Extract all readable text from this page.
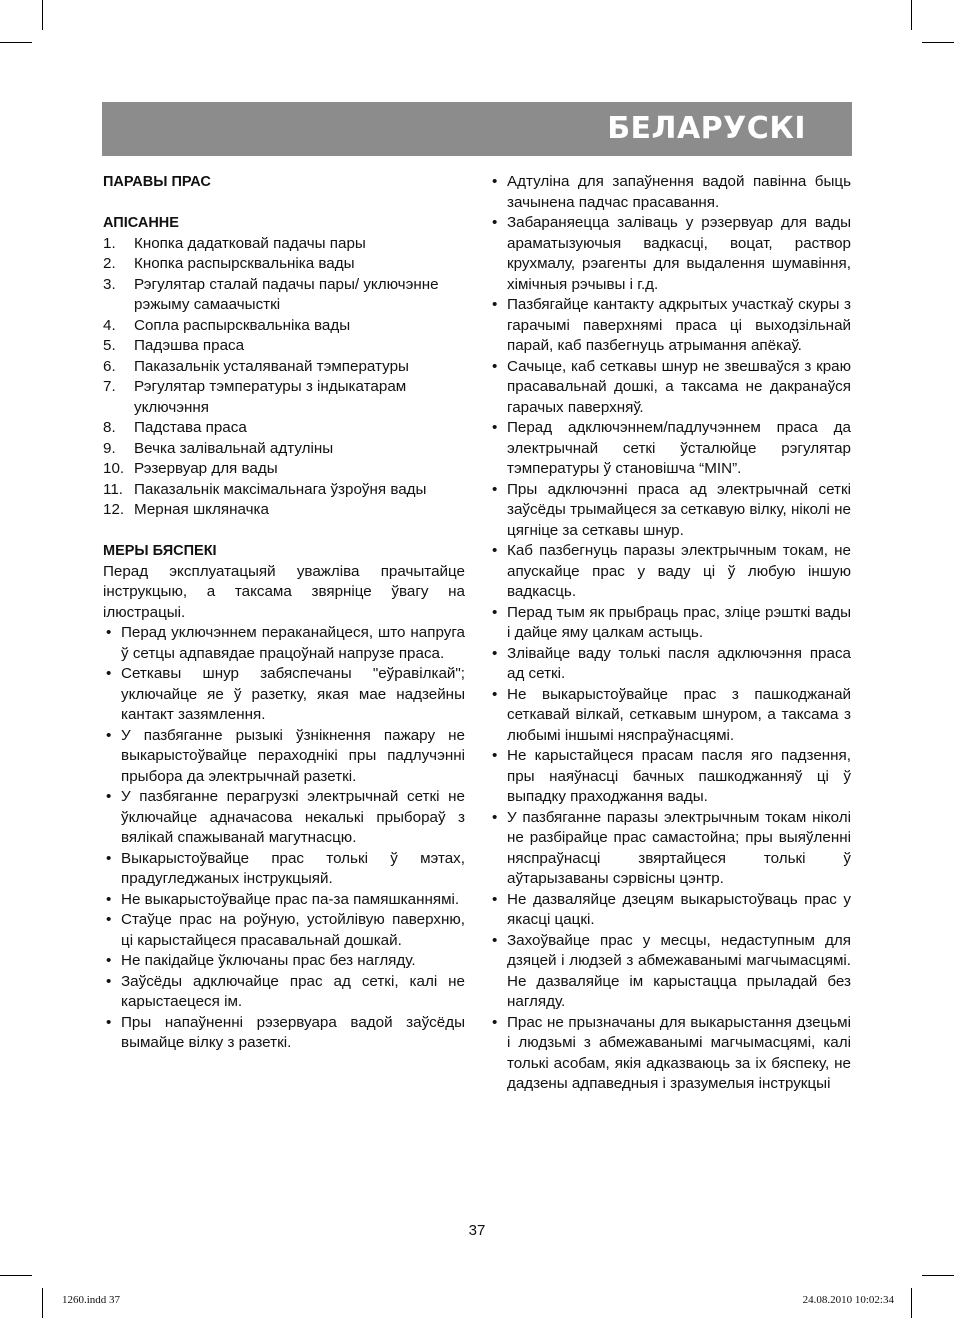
БЕЛАРУСКІ
ПАРАВЫ ПРАС
АПІСАННЕ
1.	Кнопка дадатковай падачы пары
2.	Кнопка распырсквальніка вады
3.	Рэгулятар сталай падачы пары/ уключэнне рэжыму самаачысткі
4.	Сопла распырсквальніка вады
5.	Падэшва праса
6.	Паказальнік усталяванай тэмпературы
7.	Рэгулятар тэмпературы з індыкатарам уключэння
8.	Падстава праса
9.	Вечка залівальнай адтуліны
10. Рэзервуар для вады
11. Паказальнік максімальнага ўзроўня вады
12. Мерная шкляначка
МЕРЫ БЯСПЕКІ
Перад эксплуатацыяй уважліва прачытайце інструкцыю, а таксама звярніце ўвагу на ілюстрацыі.
• Перад уключэннем пераканайцеся, што напруга ў сетцы адпавядае працоўнай напрузе праса.
• Сеткавы шнур забяспечаны "еўравілкай"; уключайце яе ў разетку, якая мае надзейны кантакт зазямлення.
• У пазбяганне рызыкі ўзнікнення пажару не выкарыстоўвайце пераходнікі пры падлучэнні прыбора да электрычнай разеткі.
• У пазбяганне перагрузкі электрычнай сеткі не ўключайце адначасова некалькі прыбораў з вялікай спажыванай магутнасцю.
• Выкарыстоўвайце прас толькі ў мэтах, прадугледжаных інструкцыяй.
• Не выкарыстоўвайце прас па-за памяшканнямі.
• Стаўце прас на роўную, устойлівую паверхню, ці карыстайцеся прасавальнай дошкай.
• Не пакідайце ўключаны прас без нагляду.
• Заўсёды адключайце прас ад сеткі, калі не карыстаецеся ім.
• Пры напаўненні рэзервуара вадой заўсёды вымайце вілку з разеткі.
• Адтуліна для запаўнення вадой павінна быць зачынена падчас прасавання.
• Забараняецца заліваць у рэзервуар для вады араматызуючыя вадкасці, воцат, раствор крухмалу, рэагенты для выдалення шумавіння, хімічныя рэчывы і г.д.
• Пазбягайце кантакту адкрытых участкаў скуры з гарачымі паверхнямі праса ці выходзільнай парай, каб пазбегнуць атрымання апёкаў.
• Сачыце, каб сеткавы шнур не звешваўся з краю прасавальнай дошкі, а таксама не дакранаўся гарачых паверхняў.
• Перад адключэннем/падлучэннем праса да электрычнай сеткі ўсталюйце рэгулятар тэмпературы ў становішча “MIN”.
• Пры адключэнні праса ад электрычнай сеткі заўсёды трымайцеся за сеткавую вілку, ніколі не цягніце за сеткавы шнур.
• Каб пазбегнуць паразы электрычным токам, не апускайце прас у ваду ці ў любую іншую вадкасць.
• Перад тым як прыбраць прас, зліце рэшткі вады і дайце яму цалкам астыць.
• Злівайце ваду толькі пасля адключэння праса ад сеткі.
• Не выкарыстоўвайце прас з пашкоджанай сеткавай вілкай, сеткавым шнуром, а таксама з любымі іншымі няспраўнасцямі.
• Не карыстайцеся прасам пасля яго падзення, пры наяўнасці бачных пашкоджанняў ці ў выпадку праходжання вады.
• У пазбяганне паразы электрычным токам ніколі не разбірайце прас самастойна; пры выяўленні няспраўнасці звяртайцеся толькі ў аўтарызаваны сэрвісны цэнтр.
• Не дазваляйце дзецям выкарыстоўваць прас у якасці цацкі.
• Захоўвайце прас у месцы, недаступным для дзяцей і людзей з абмежаванымі магчымасцямі. Не дазваляйце ім карыстацца прыладай без нагляду.
• Прас не прызначаны для выкарыстання дзецьмі і людзьмі з абмежаванымі магчымасцямі, калі толькі асобам, якія адказваюць за іх бяспеку, не дадзены адпаведныя і зразумелыя інструкцыі
37
1260.indd 37	24.08.2010 10:02:34
